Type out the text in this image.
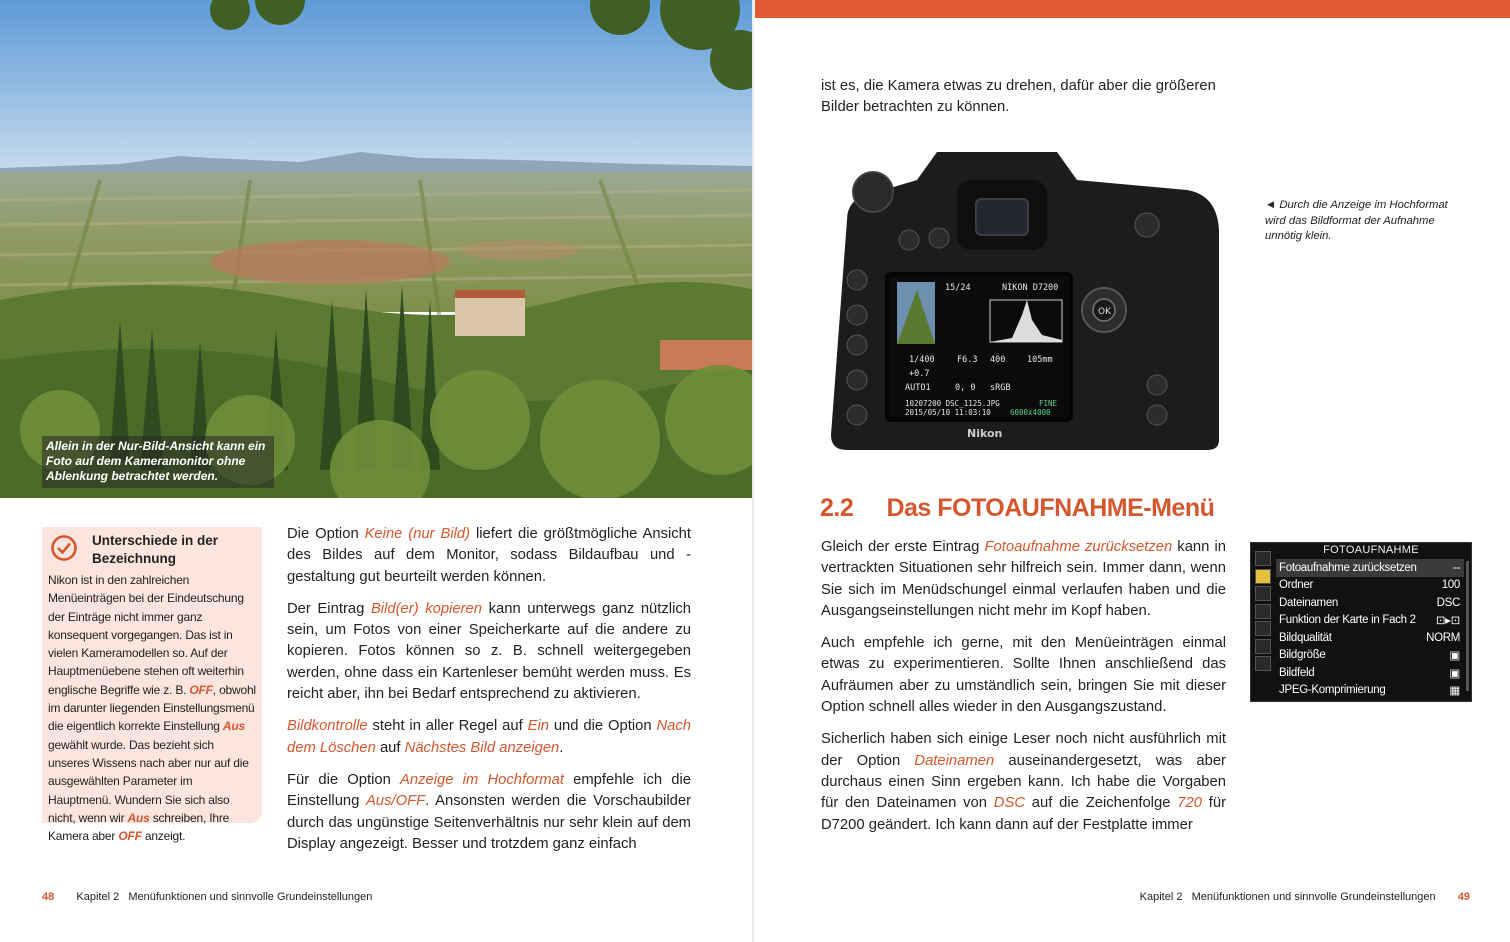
Allein in der Nur-Bild-Ansicht kann ein Foto auf dem Kameramonitor ohne Ablenkung betrachtet werden.
Unterschiede in der Bezeichnung
Nikon ist in den zahlreichen Menüeinträgen bei der Eindeutschung der Einträge nicht immer ganz konsequent vorgegangen. Das ist in vielen Kameramodellen so. Auf der Hauptmenüebene stehen oft weiterhin englische Begriffe wie z. B. OFF, obwohl im darunter liegenden Einstellungsmenü die eigentlich korrekte Einstellung Aus gewählt wurde. Das bezieht sich unseres Wissens nach aber nur auf die ausgewählten Parameter im Hauptmenü. Wundern Sie sich also nicht, wenn wir Aus schreiben, Ihre Kamera aber OFF anzeigt.

Die Option Keine (nur Bild) liefert die größtmögliche Ansicht des Bildes auf dem Monitor, sodass Bildaufbau und -gestaltung gut beurteilt werden können.

Der Eintrag Bild(er) kopieren kann unterwegs ganz nützlich sein, um Fotos von einer Speicherkarte auf die andere zu kopieren. Fotos können so z. B. schnell weitergegeben werden, ohne dass ein Kartenleser bemüht werden muss. Es reicht aber, ihn bei Bedarf entsprechend zu aktivieren.

Bildkontrolle steht in aller Regel auf Ein und die Option Nach dem Löschen auf Nächstes Bild anzeigen.

Für die Option Anzeige im Hochformat empfehle ich die Einstellung Aus/OFF. Ansonsten werden die Vorschaubilder durch das ungünstige Seitenverhältnis nur sehr klein auf dem Display angezeigt. Besser und trotzdem ganz einfach

48 Kapitel 2   Menüfunktionen und sinnvolle Grundeinstellungen
ist es, die Kamera etwas zu drehen, dafür aber die größeren Bilder betrachten zu können.
OK
15/24	NIKON D7200
1/400	F6.3 400	105mm
+0.7
AUTO1	0, 0 sRGB
10207200 DSC_1125.JPG
2015/05/10 11:03:10
FINE
6000x4000
Nikon
◄ Durch die Anzeige im Hochformat wird das Bildformat der Aufnahme unnötig klein.
2.2 Das FOTOAUFNAHME-Menü

Gleich der erste Eintrag Fotoaufnahme zurücksetzen kann in vertrackten Situationen sehr hilfreich sein. Immer dann, wenn Sie sich im Menüdschungel einmal verlaufen haben und die Ausgangseinstellungen nicht mehr im Kopf haben.

Auch empfehle ich gerne, mit den Menüeinträgen einmal etwas zu experimentieren. Sollte Ihnen anschließend das Aufräumen aber zu umständlich sein, bringen Sie mit dieser Option schnell alles wieder in den Ausgangszustand.

Sicherlich haben sich einige Leser noch nicht ausführlich mit der Option Dateinamen auseinandergesetzt, was aber durchaus einen Sinn ergeben kann. Ich habe die Vorgaben für den Dateinamen von DSC auf die Zeichenfolge 720 für D7200 geändert. Ich kann dann auf der Festplatte immer

FOTOAUFNAHME
Fotoaufnahme zurücksetzen	--
Ordner	100
Dateinamen	DSC
Funktion der Karte in Fach 2 ⊡▸⊡
Bildqualität	NORM
Bildgröße	▣
Bildfeld	▣
JPEG-Komprimierung	▦
Kapitel 2   Menüfunktionen und sinnvolle Grundeinstellungen 49
